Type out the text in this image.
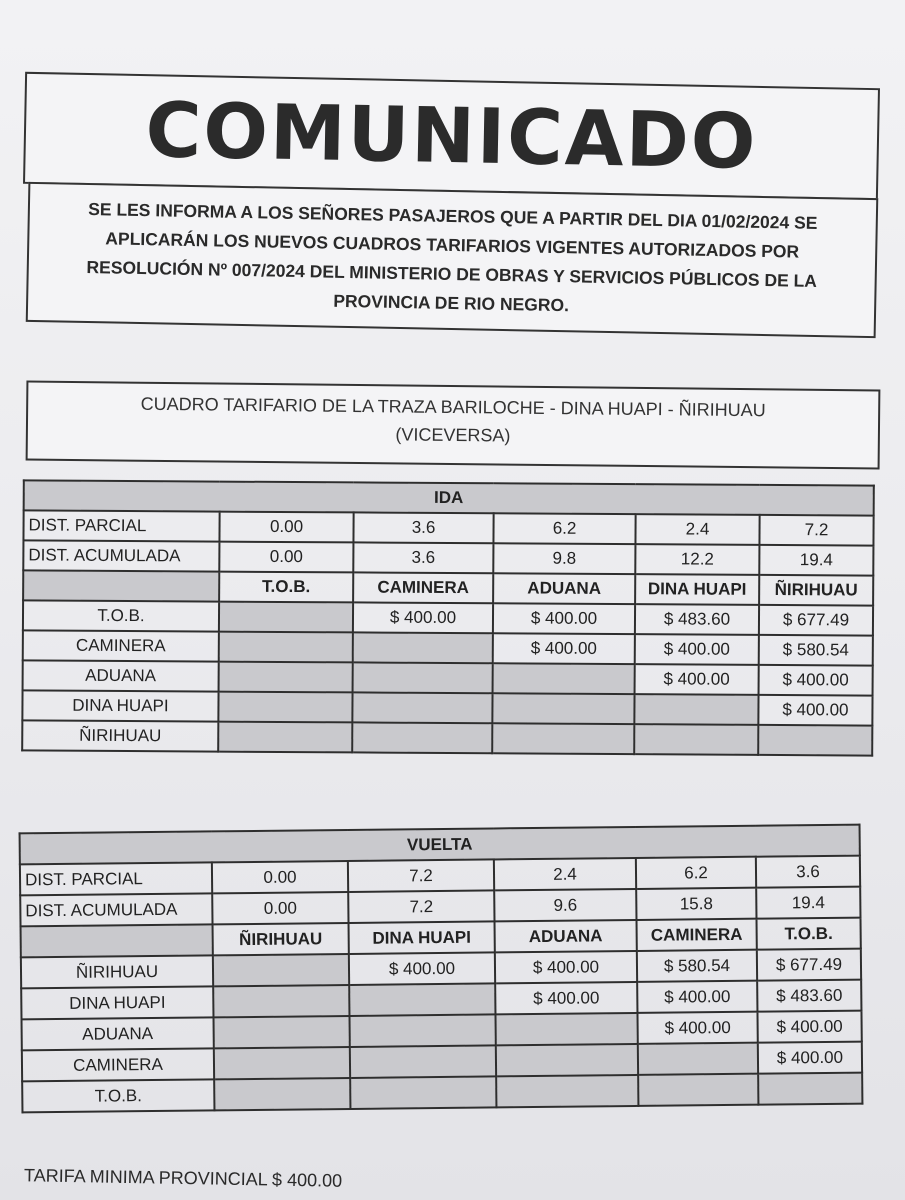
COMUNICADO

SE LES INFORMA A LOS SEÑORES PASAJEROS QUE A PARTIR DEL DIA 01/02/2024 SE

APLICARÁN LOS NUEVOS CUADROS TARIFARIOS VIGENTES AUTORIZADOS POR

RESOLUCIÓN Nº 007/2024 DEL MINISTERIO DE OBRAS Y SERVICIOS PÚBLICOS DE LA

PROVINCIA DE RIO NEGRO.

CUADRO TARIFARIO DE LA TRAZA BARILOCHE - DINA HUAPI - ÑIRIHUAU
(VICEVERSA)
IDA					
DIST. PARCIAL	0.00	3.6	6.2	2.4	7.2
DIST. ACUMULADA	0.00	3.6	9.8	12.2	19.4
	T.O.B.	CAMINERA	ADUANA	DINA HUAPI	ÑIRIHUAU
T.O.B.		$ 400.00	$ 400.00	$ 483.60	$ 677.49
CAMINERA			$ 400.00	$ 400.00	$ 580.54
ADUANA				$ 400.00	$ 400.00
DINA HUAPI					$ 400.00
ÑIRIHUAU					
VUELTA					
DIST. PARCIAL	0.00	7.2	2.4	6.2	3.6
DIST. ACUMULADA	0.00	7.2	9.6	15.8	19.4
	ÑIRIHUAU	DINA HUAPI	ADUANA	CAMINERA	T.O.B.
ÑIRIHUAU		$ 400.00	$ 400.00	$ 580.54	$ 677.49
DINA HUAPI			$ 400.00	$ 400.00	$ 483.60
ADUANA				$ 400.00	$ 400.00
CAMINERA					$ 400.00
T.O.B.					
TARIFA MINIMA PROVINCIAL $ 400.00
